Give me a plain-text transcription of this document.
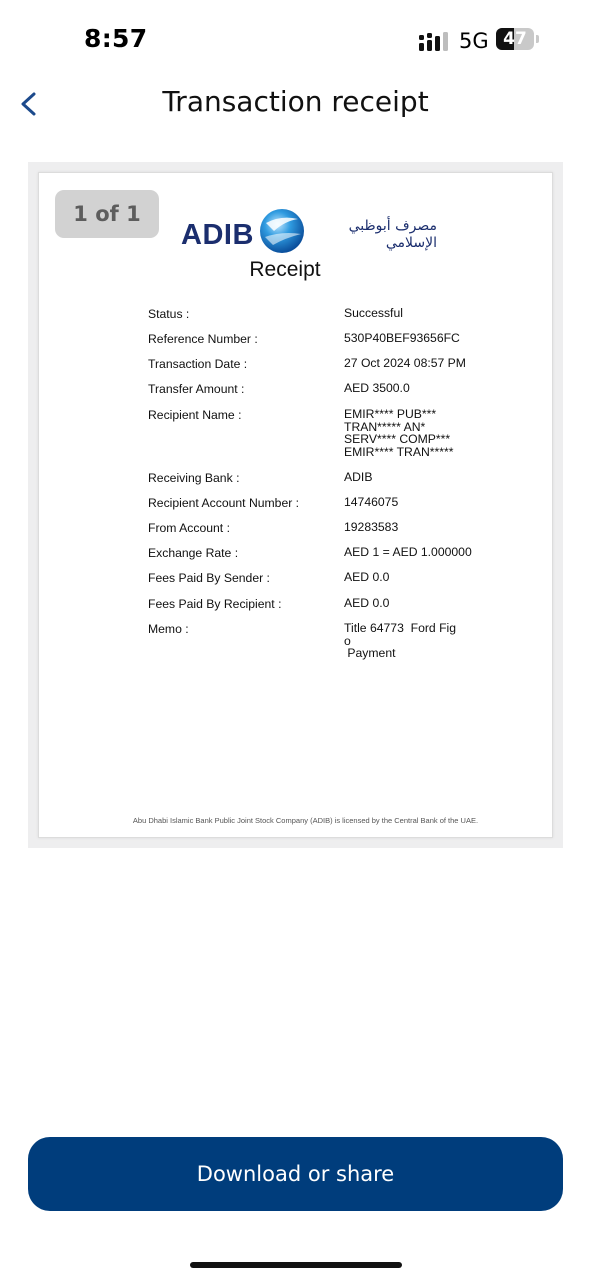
8:57	5G 47
Transaction receipt
1 of 1
ADIB	مصرف أبوظبي
الإسلامي
Receipt
Status :	Successful
Reference Number :	530P40BEF93656FC
Transaction Date :	27 Oct 2024 08:57 PM
Transfer Amount :	AED 3500.0
Recipient Name :	EMIR**** PUB***
TRAN***** AN*
SERV**** COMP***
EMIR**** TRAN*****
Receiving Bank :	ADIB
Recipient Account Number :	14746075
From Account :	19283583
Exchange Rate :	AED 1 = AED 1.000000
Fees Paid By Sender :	AED 0.0
Fees Paid By Recipient :	AED 0.0
Memo :	Title 64773  Ford Fig
o
Payment
Abu Dhabi Islamic Bank Public Joint Stock Company (ADIB) is licensed by the Central Bank of the UAE.
Download or share
